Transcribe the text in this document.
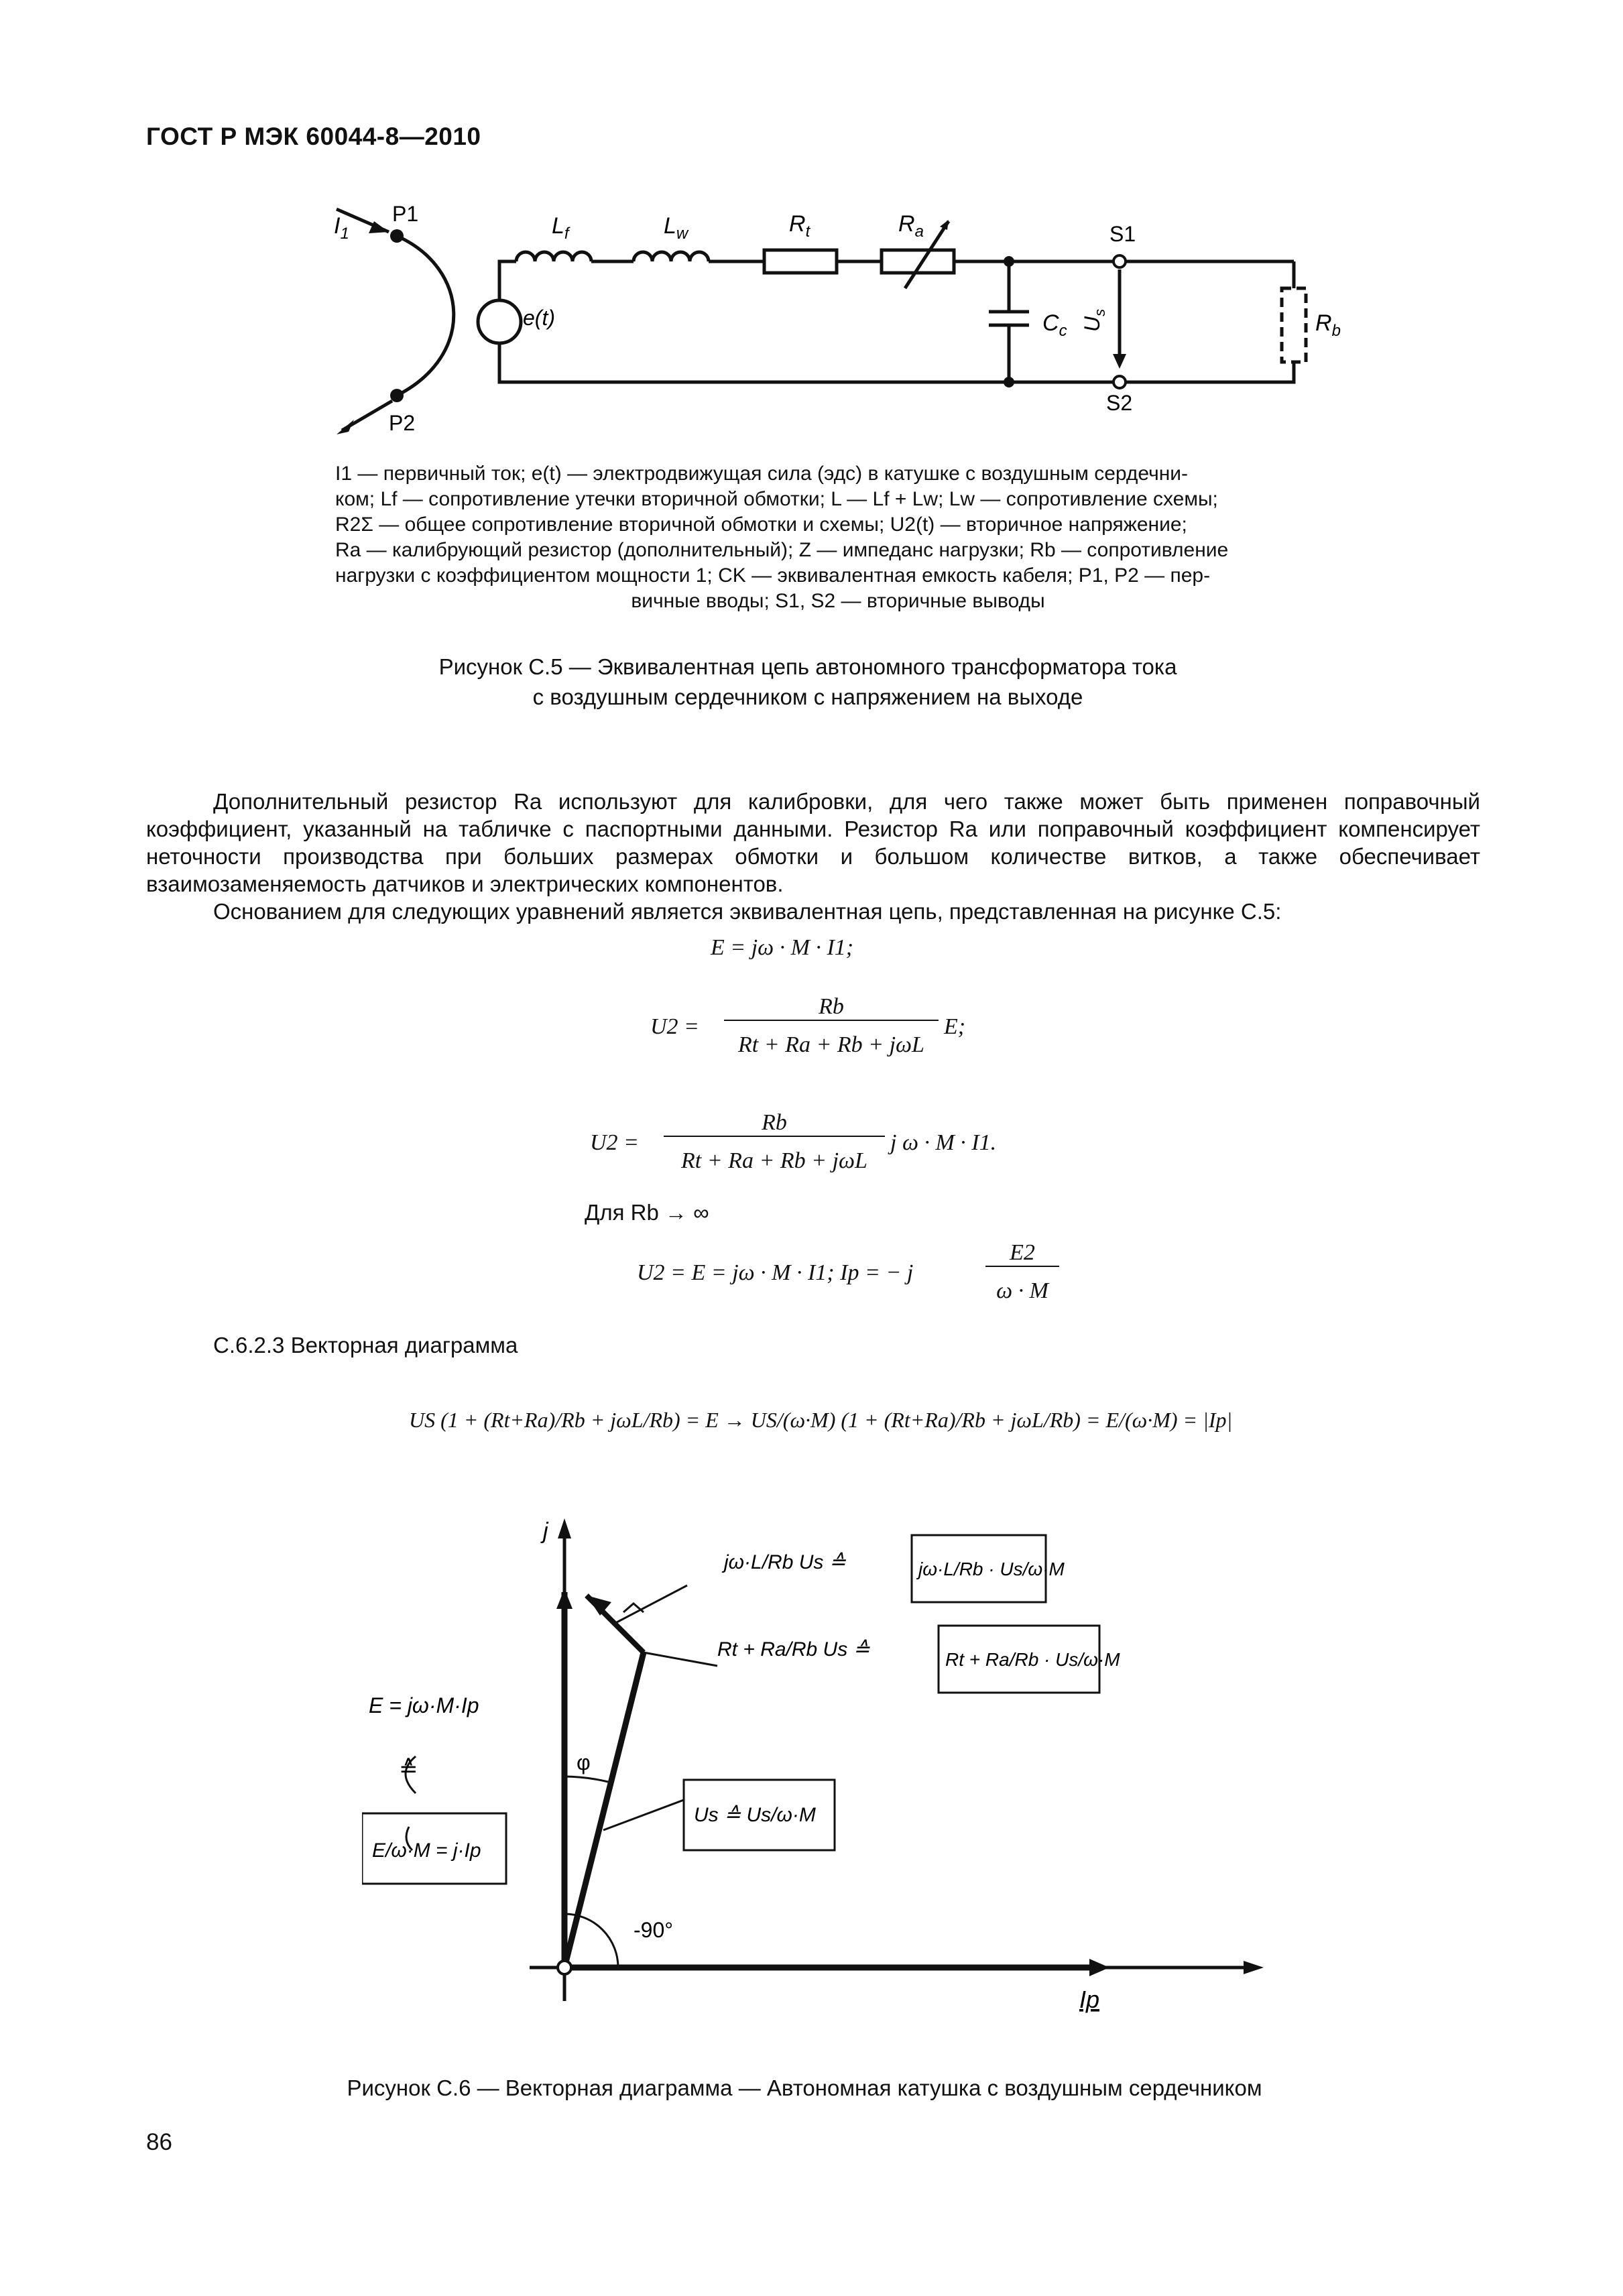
ГОСТ Р МЭК 60044-8—2010
$I_1$
P1
P2
e(t)
$L_f$	$L_w$	$R_t$	$R_a$	S1
S2
$C_c$ $U_s$	$R_b$
I1 — первичный ток; e(t) — электродвижущая сила (эдс) в катушке с воздушным сердечни-
ком; Lf — сопротивление утечки вторичной обмотки; L — Lf + Lw; Lw — сопротивление схемы;
R2Σ — общее сопротивление вторичной обмотки и схемы; U2(t) — вторичное напряжение;
Ra — калибрующий резистор (дополнительный); Z — импеданс нагрузки; Rb — сопротивление
нагрузки с коэффициентом мощности 1; CK — эквивалентная емкость кабеля; P1, P2 — пер-
вичные вводы; S1, S2 — вторичные выводы
Рисунок С.5 — Эквивалентная цепь автономного трансформатора тока
с воздушным сердечником с напряжением на выходе
Дополнительный резистор Ra используют для калибровки, для чего также может быть применен поправочный коэффициент, указанный на табличке с паспортными данными. Резистор Ra или поправочный коэффициент компенсирует неточности производства при больших размерах обмотки и большом количестве витков, а также обеспечивает взаимозаменяемость датчиков и электрических компонентов.
Основанием для следующих уравнений является эквивалентная цепь, представленная на рисунке С.5:
E = jω · M · I1;
U2 =
Rb
Rt + Ra + Rb + jωL
E;
U2 =
Rb
Rt + Ra + Rb + jωL
j ω · M · I1.
Для Rb → ∞
U2 = E = jω · M · I1; Ip = − j
E2
ω · M
С.6.2.3 Векторная диаграмма
US (1 + (Rt+Ra)/Rb + jωL/Rb) = E → US/(ω·M) (1 + (Rt+Ra)/Rb + jωL/Rb) = E/(ω·M) = |Ip|
j
Ip
φ
-90°
E = jω·M·Ip
≙
E/ω·M = j·Ip
jω·L/Rb Us ≙	jω·L/Rb · Us/ω·M
Rt + Ra/Rb Us ≙	Rt + Ra/Rb · Us/ω·M
Us ≙ Us/ω·M
Рисунок С.6 — Векторная диаграмма — Автономная катушка с воздушным сердечником
86
